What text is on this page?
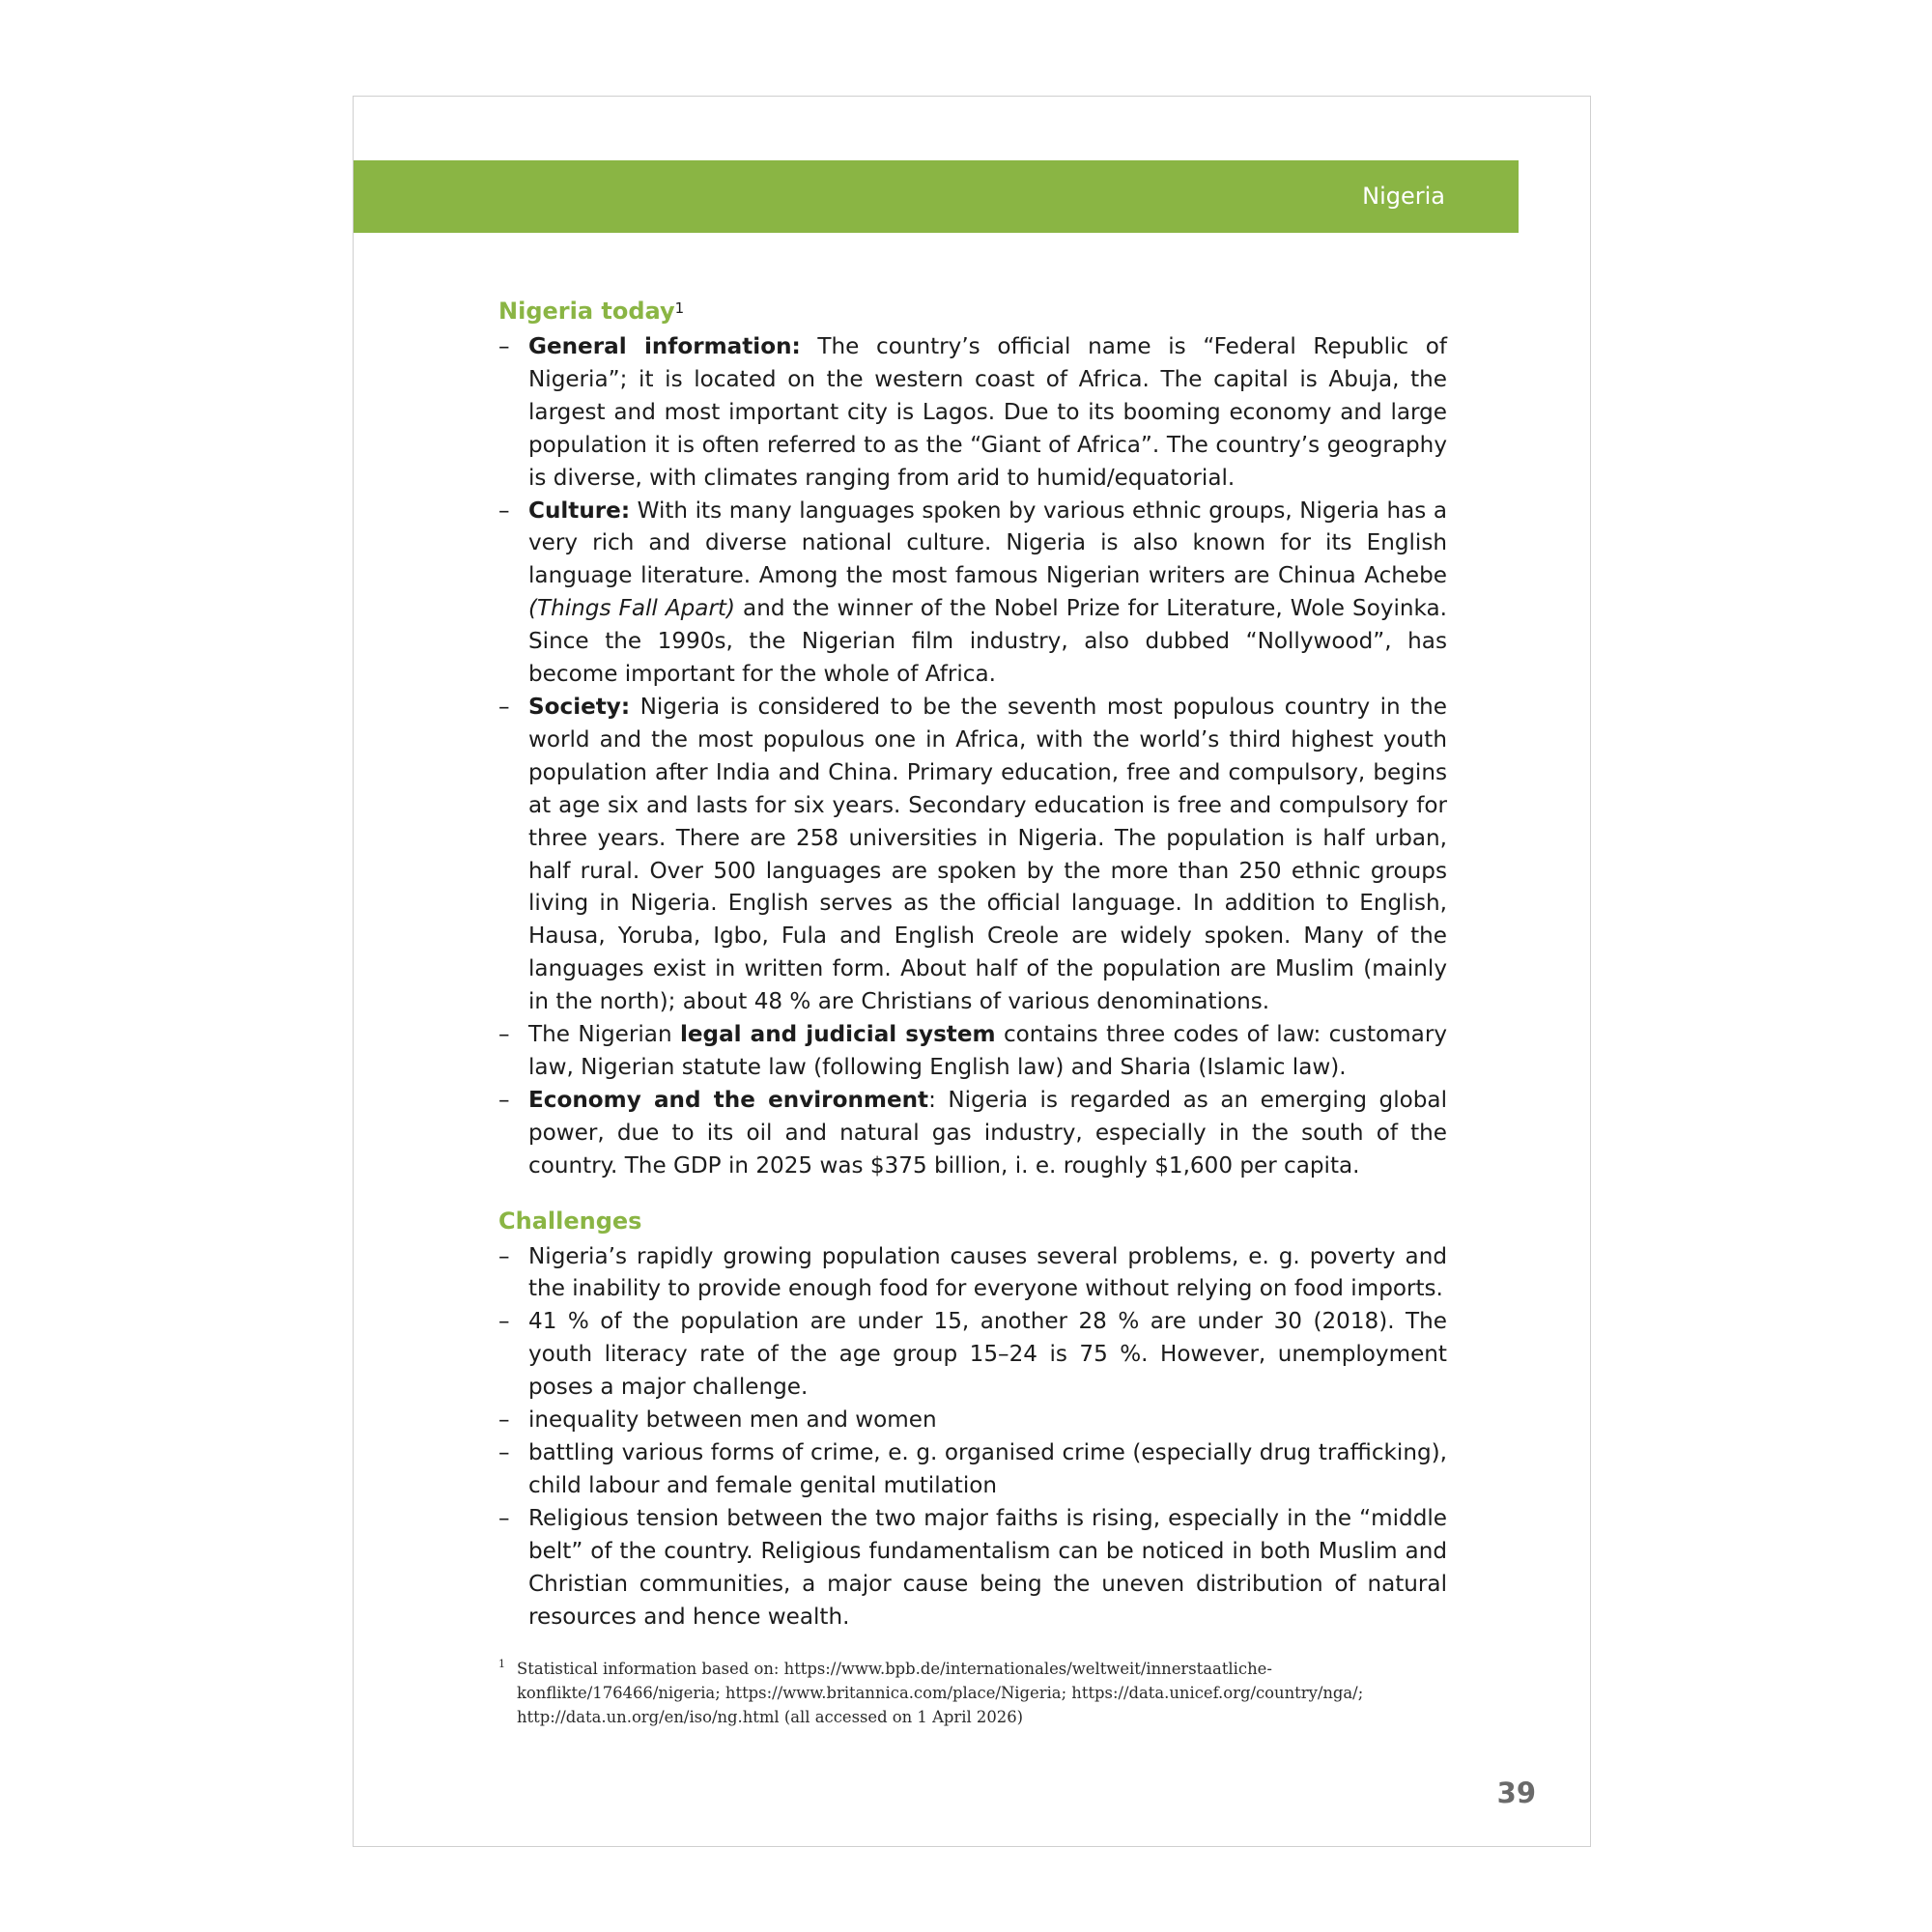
Nigeria
Nigeria today$^1$
– General information: The country’s official name is “Federal Republic of Nigeria”; it is located on the western coast of Africa. The capital is Abuja, the largest and most important city is Lagos. Due to its booming economy and large population it is often referred to as the “Giant of Africa”. The country’s geography is diverse, with climates ranging from arid to humid/equatorial.
– Culture: With its many languages spoken by various ethnic groups, Nigeria has a very rich and diverse national culture. Nigeria is also known for its English language literature. Among the most famous Nigerian writers are Chinua Achebe (Things Fall Apart) and the winner of the Nobel Prize for Literature, Wole Soyinka. Since the 1990s, the Nigerian film industry, also dubbed “Nollywood”, has become important for the whole of Africa.
– Society: Nigeria is considered to be the seventh most populous country in the world and the most populous one in Africa, with the world’s third highest youth population after India and China. Primary education, free and compulsory, begins at age six and lasts for six years. Secondary education is free and compulsory for three years. There are 258 universities in Nigeria. The population is half urban, half rural. Over 500 languages are spoken by the more than 250 ethnic groups living in Nigeria. English serves as the official language. In addition to English, Hausa, Yoruba, Igbo, Fula and English Creole are widely spoken. Many of the languages exist in written form. About half of the population are Muslim (mainly in the north); about 48 % are Christians of various denominations.
– The Nigerian legal and judicial system contains three codes of law: customary law, Nigerian statute law (following English law) and Sharia (Islamic law).
– Economy and the environment: Nigeria is regarded as an emerging global power, due to its oil and natural gas industry, especially in the south of the country. The GDP in 2025 was $375 billion, i. e. roughly $1,600 per capita.
Challenges
– Nigeria’s rapidly growing population causes several problems, e. g. poverty and the inability to provide enough food for everyone without relying on food imports.
– 41 % of the population are under 15, another 28 % are under 30 (2018). The youth literacy rate of the age group 15–24 is 75 %. However, unemployment poses a major challenge.
– inequality between men and women
– battling various forms of crime, e. g. organised crime (especially drug trafficking), child labour and female genital mutilation
– Religious tension between the two major faiths is rising, especially in the “middle belt” of the country. Religious fundamentalism can be noticed in both Muslim and Christian communities, a major cause being the uneven distribution of natural resources and hence wealth.
1 Statistical information based on: https://www.bpb.de/internationales/weltweit/innerstaatliche-konflikte/176466/nigeria; https://www.britannica.com/place/Nigeria; https://data.unicef.org/country/nga/; http://data.un.org/en/iso/ng.html (all accessed on 1 April 2026)
39
